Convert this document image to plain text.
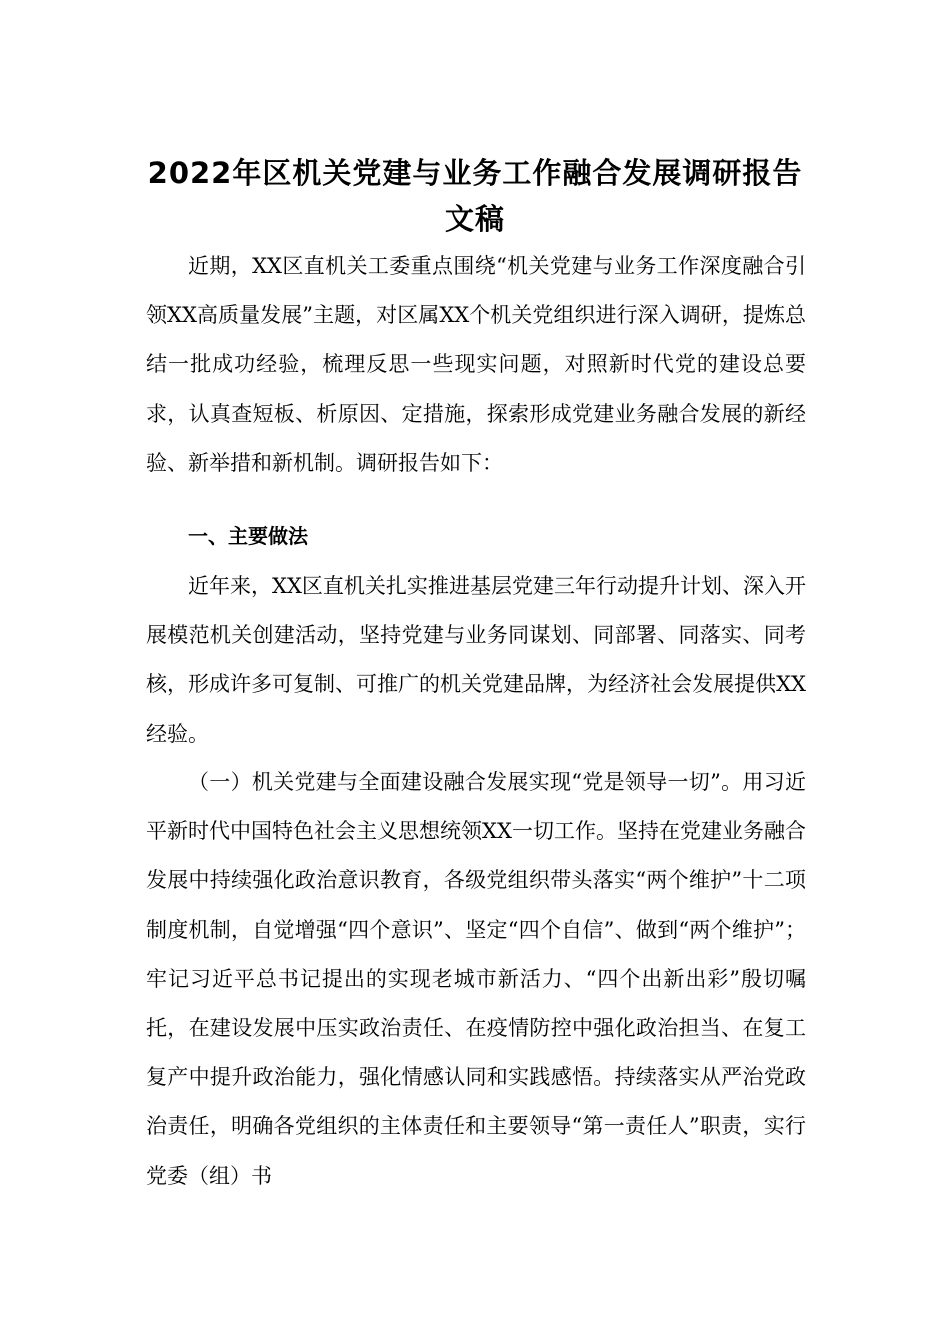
2022年区机关党建与业务工作融合发展调研报告文稿

近期，XX区直机关工委重点围绕“机关党建与业务工作深度融合引领XX高质量发展”主题，对区属XX个机关党组织进行深入调研，提炼总结一批成功经验，梳理反思一些现实问题，对照新时代党的建设总要求，认真查短板、析原因、定措施，探索形成党建业务融合发展的新经验、新举措和新机制。调研报告如下：

一、主要做法

近年来，XX区直机关扎实推进基层党建三年行动提升计划、深入开展模范机关创建活动，坚持党建与业务同谋划、同部署、同落实、同考核，形成许多可复制、可推广的机关党建品牌，为经济社会发展提供XX经验。

（一）机关党建与全面建设融合发展实现“党是领导一切”。用习近平新时代中国特色社会主义思想统领XX一切工作。坚持在党建业务融合发展中持续强化政治意识教育，各级党组织带头落实“两个维护”十二项制度机制，自觉增强“四个意识”、坚定“四个自信”、做到“两个维护”；牢记习近平总书记提出的实现老城市新活力、“四个出新出彩”殷切嘱托，在建设发展中压实政治责任、在疫情防控中强化政治担当、在复工复产中提升政治能力，强化情感认同和实践感悟。持续落实从严治党政治责任，明确各党组织的主体责任和主要领导“第一责任人”职责，实行党委（组）书
